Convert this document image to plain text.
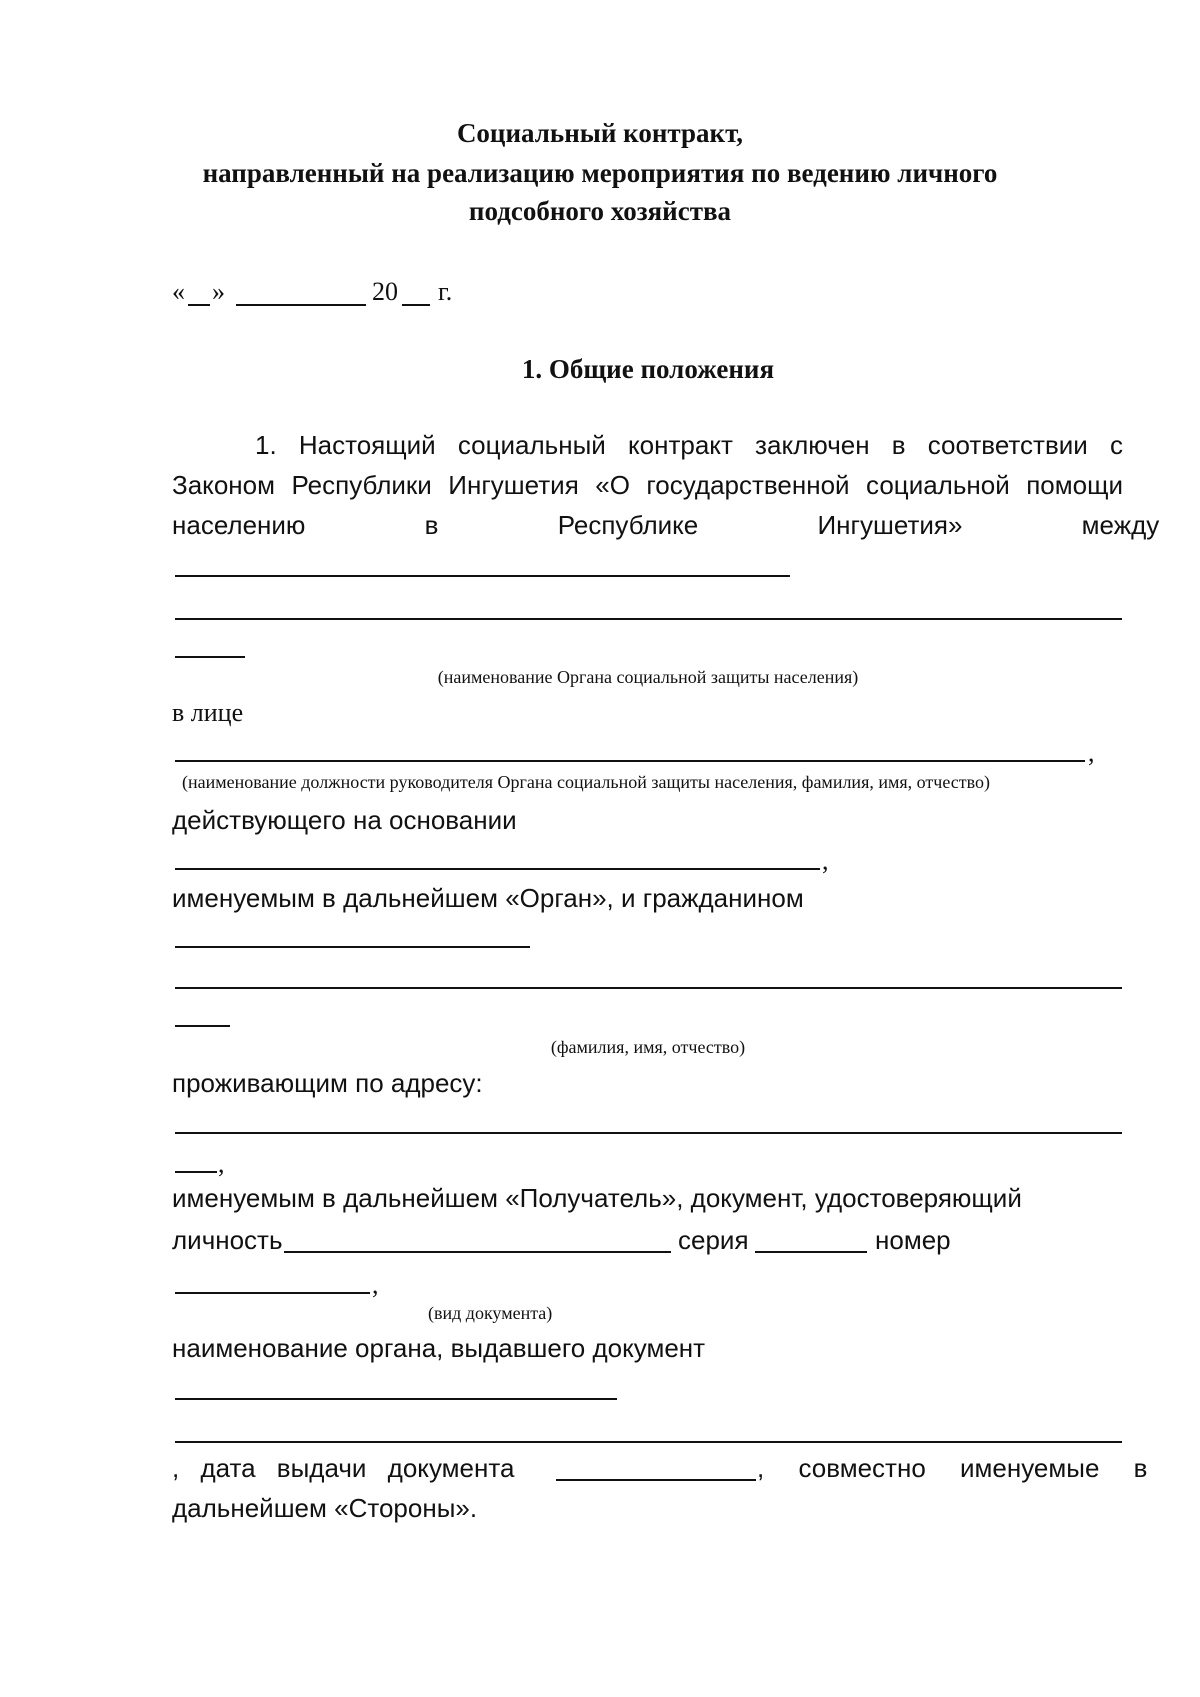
Социальный контракт,
направленный на реализацию мероприятия по ведению личного
подсобного хозяйства
« »	20 г.
1. Общие положения
1. Настоящий социальный контракт заключен в соответствии с
Законом Республики Ингушетия «О государственной социальной помощи
населению в Республике Ингушетия» между
(наименование Органа социальной защиты населения)
в лице
,
(наименование должности руководителя Органа социальной защиты населения, фамилия, имя, отчество)
действующего на основании
,
именуемым в дальнейшем «Орган», и гражданином
(фамилия, имя, отчество)
проживающим по адресу:
,
именуемым в дальнейшем «Получатель», документ, удостоверяющий
личность	серия	номер
,
(вид документа)
наименование органа, выдавшего документ
, дата выдачи документа	, совместно именуемые в
дальнейшем «Стороны».
